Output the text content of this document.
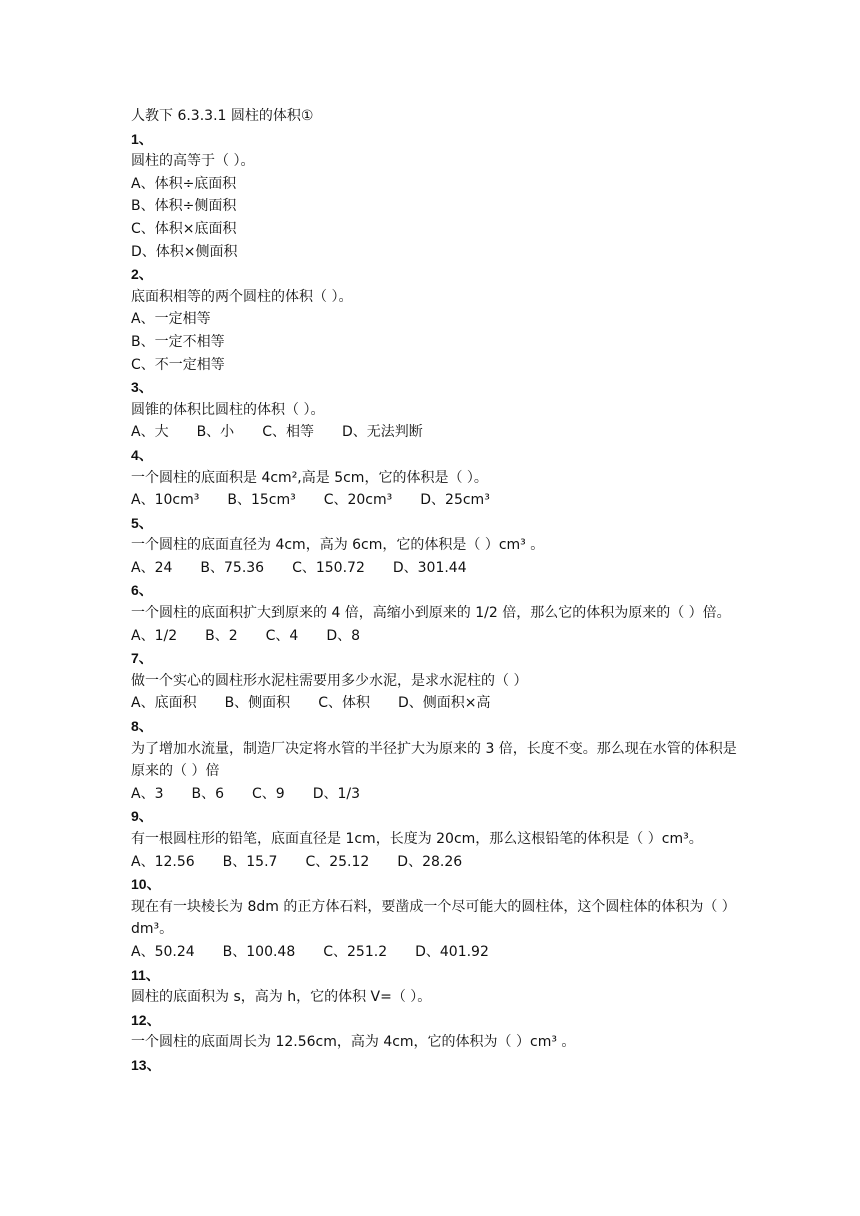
人教下 6.3.3.1 圆柱的体积①
1、
圆柱的高等于（ ）。
A、体积÷底面积
B、体积÷侧面积
C、体积×底面积
D、体积×侧面积
2、
底面积相等的两个圆柱的体积（ ）。
A、一定相等
B、一定不相等
C、不一定相等
3、
圆锥的体积比圆柱的体积（ ）。
A、大 B、小 C、相等 D、无法判断
4、
一个圆柱的底面积是 4cm²,高是 5cm，它的体积是（ ）。
A、10cm³ B、15cm³ C、20cm³ D、25cm³
5、
一个圆柱的底面直径为 4cm，高为 6cm，它的体积是（ ）cm³ 。
A、24 B、75.36 C、150.72 D、301.44
6、
一个圆柱的底面积扩大到原来的 4 倍，高缩小到原来的 1/2 倍，那么它的体积为原来的（ ）倍。
A、1/2 B、2 C、4 D、8
7、
做一个实心的圆柱形水泥柱需要用多少水泥，是求水泥柱的（ ）
A、底面积 B、侧面积 C、体积 D、侧面积×高
8、
为了增加水流量，制造厂决定将水管的半径扩大为原来的 3 倍，长度不变。那么现在水管的体积是原来的（ ）倍
A、3 B、6 C、9 D、1/3
9、
有一根圆柱形的铅笔，底面直径是 1cm，长度为 20cm，那么这根铅笔的体积是（ ）cm³。
A、12.56 B、15.7 C、25.12 D、28.26
10、
现在有一块棱长为 8dm 的正方体石料，要凿成一个尽可能大的圆柱体，这个圆柱体的体积为（ ）dm³。
A、50.24 B、100.48 C、251.2 D、401.92
11、
圆柱的底面积为 s，高为 h，它的体积 V=（ ）。
12、
一个圆柱的底面周长为 12.56cm，高为 4cm，它的体积为（ ）cm³ 。
13、
